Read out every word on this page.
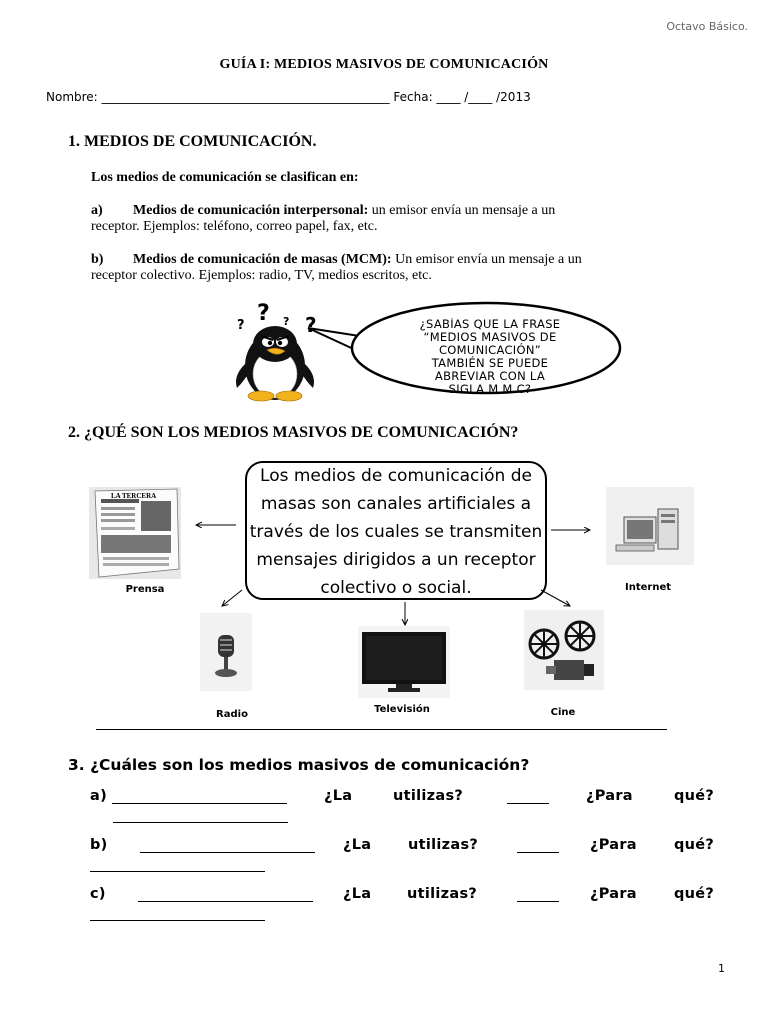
Octavo Básico.
GUÍA I: MEDIOS MASIVOS DE COMUNICACIÓN
Nombre: ________________________________________________ Fecha: ____ /____ /2013
1. MEDIOS DE COMUNICACIÓN.
Los medios de comunicación se clasifican en:
a) Medios de comunicación interpersonal: un emisor envía un mensaje a un
receptor. Ejemplos: teléfono, correo papel, fax, etc.
b) Medios de comunicación de masas (MCM): Un emisor envía un mensaje a un
receptor colectivo. Ejemplos: radio, TV, medios escritos, etc.
? ? ? ?	¿SABÍAS QUE LA FRASE
“MEDIOS MASIVOS DE
COMUNICACIÓN”
TAMBIÉN SE PUEDE
ABREVIAR CON LA
SIGLA M.M.C?
2. ¿QUÉ SON LOS MEDIOS MASIVOS DE COMUNICACIÓN?
Los medios de comunicación de
masas son canales artificiales a
través de los cuales se transmiten
mensajes dirigidos a un receptor
colectivo o social.
LA TERCERA
Prensa	Internet
Radio	Televisión	Cine
3. ¿Cuáles son los medios masivos de comunicación?
a)	¿La	utilizas?	¿Para	qué?
b)	¿La	utilizas?	¿Para	qué?
c)	¿La utilizas?	¿Para	qué?
1
